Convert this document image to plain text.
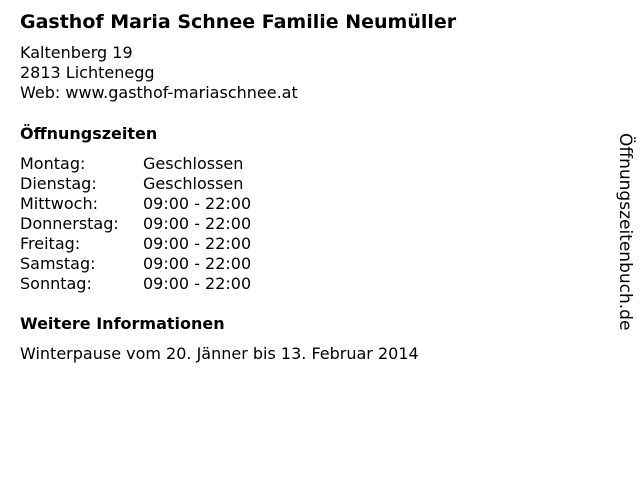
Gasthof Maria Schnee Familie Neumüller
Kaltenberg 19
2813 Lichtenegg
Web: www.gasthof-mariaschnee.at
Öffnungszeiten
Montag:	Geschlossen
Dienstag:	Geschlossen
Mittwoch:	09:00 - 22:00
Donnerstag:	09:00 - 22:00
Freitag:	09:00 - 22:00
Samstag:	09:00 - 22:00
Sonntag:	09:00 - 22:00
Weitere Informationen
Winterpause vom 20. Jänner bis 13. Februar 2014
Öffnungszeitenbuch.de
